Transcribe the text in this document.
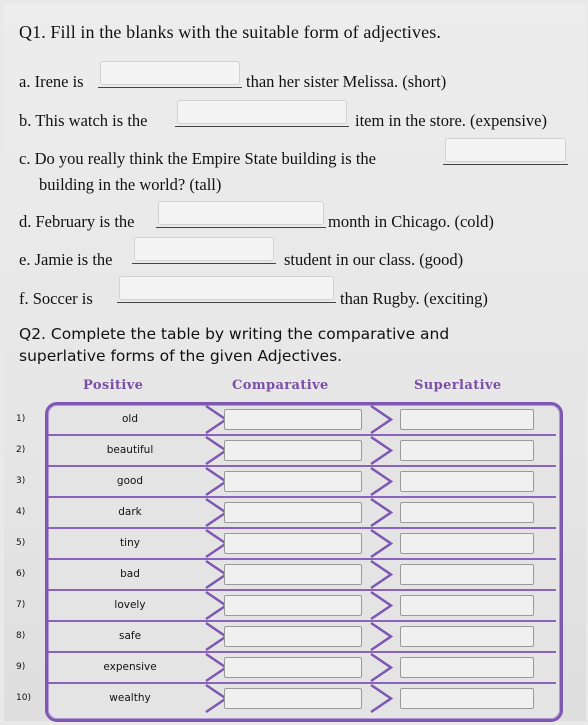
Q1. Fill in the blanks with the suitable form of adjectives.
a. Irene is	than her sister Melissa. (short)
b. This watch is the	item in the store. (expensive)
c. Do you really think the Empire State building is the
building in the world? (tall)
d. February is the	month in Chicago. (cold)
e. Jamie is the	student in our class. (good)
f. Soccer is	than Rugby. (exciting)
Q2. Complete the table by writing the comparative and superlative forms of the given Adjectives.
Positive	Comparative	Superlative
1)	old
2)	beautiful
3)	good
4)	dark
5)	tiny
6)	bad
7)	lovely
8)	safe
9)	expensive
10)	wealthy
